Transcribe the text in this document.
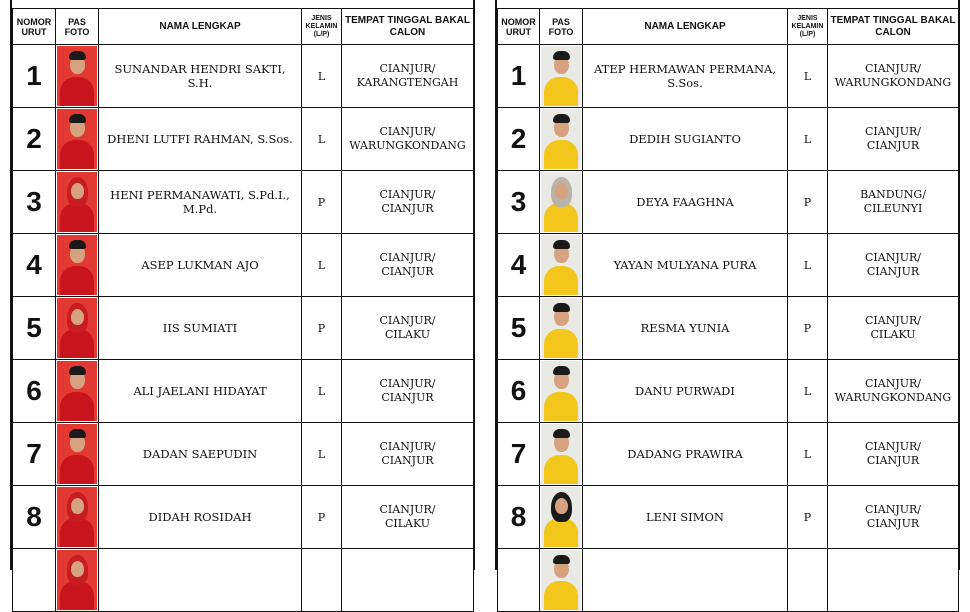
NOMOR URUT	PAS FOTO	NAMA LENGKAP	JENIS KELAMIN (L/P)	TEMPAT TINGGAL BAKAL CALON
1		SUNANDAR HENDRI SAKTI, S.H.	L	CIANJUR/
KARANGTENGAH
2		DHENI LUTFI RAHMAN, S.Sos.	L	CIANJUR/
WARUNGKONDANG
3		HENI PERMANAWATI, S.Pd.I., M.Pd.	P	CIANJUR/
CIANJUR
4		ASEP LUKMAN AJO	L	CIANJUR/
CIANJUR
5		IIS SUMIATI	P	CIANJUR/
CILAKU
6		ALI JAELANI HIDAYAT	L	CIANJUR/
CIANJUR
7		DADAN SAEPUDIN	L	CIANJUR/
CIANJUR
8		DIDAH ROSIDAH	P	CIANJUR/
CILAKU

NOMOR URUT	PAS FOTO	NAMA LENGKAP	JENIS KELAMIN (L/P)	TEMPAT TINGGAL BAKAL CALON
1		ATEP HERMAWAN PERMANA, S.Sos.	L	CIANJUR/
WARUNGKONDANG
2		DEDIH SUGIANTO	L	CIANJUR/
CIANJUR
3		DEYA FAAGHNA	P	BANDUNG/
CILEUNYI
4		YAYAN MULYANA PURA	L	CIANJUR/
CIANJUR
5		RESMA YUNIA	P	CIANJUR/
CILAKU
6		DANU PURWADI	L	CIANJUR/
WARUNGKONDANG
7		DADANG PRAWIRA	L	CIANJUR/
CIANJUR
8		LENI SIMON	P	CIANJUR/
CIANJUR
